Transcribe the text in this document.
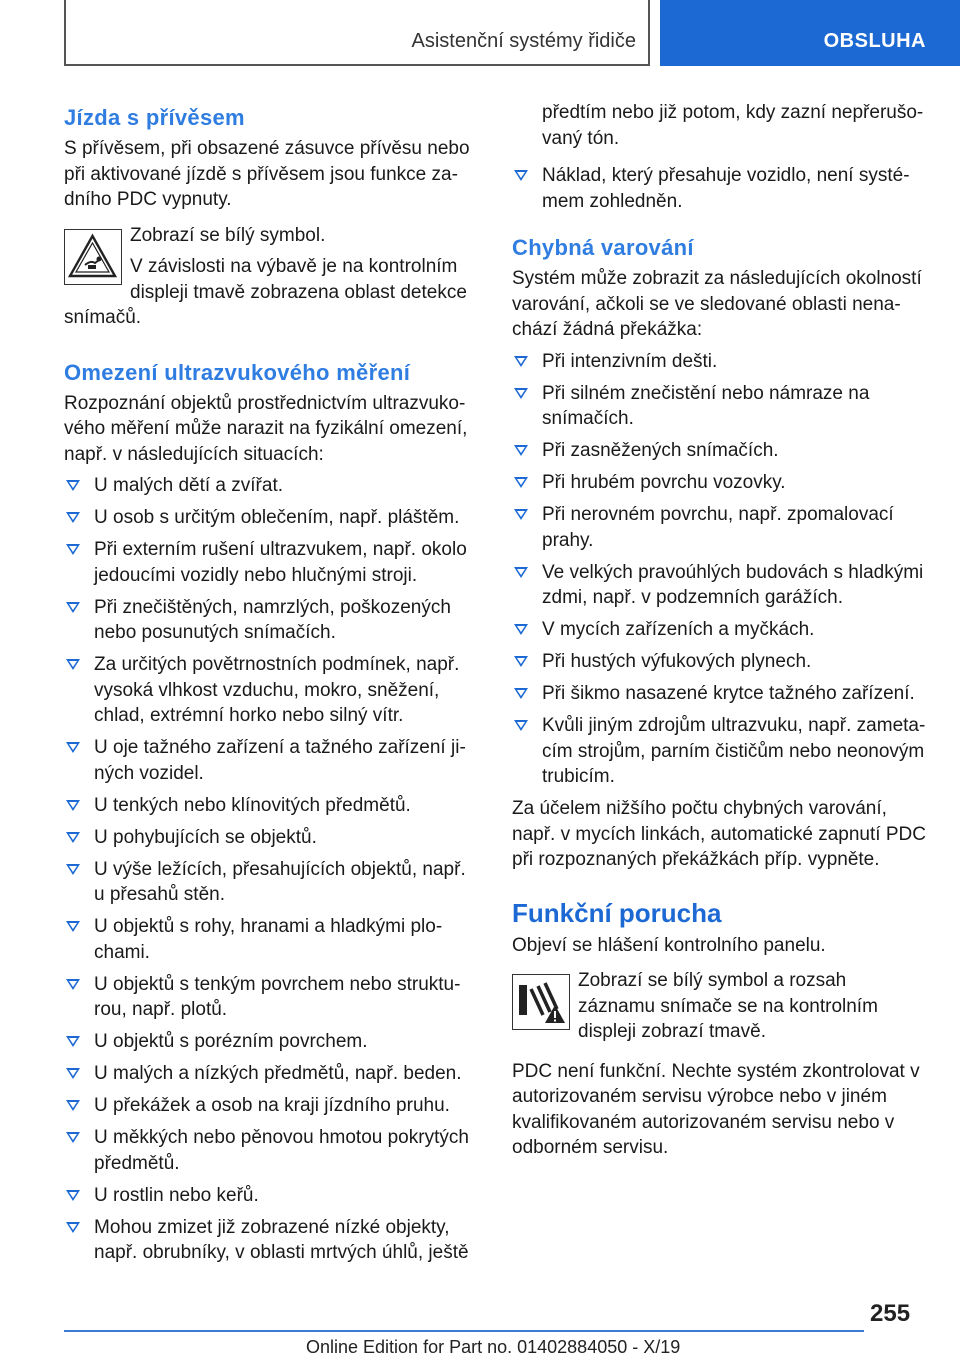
Asistenční systémy řidiče	OBSLUHA
Jízda s přívěsem

S přívěsem, při obsazené zásuvce přívěsu nebo při aktivované jízdě s přívěsem jsou funkce zadního PDC vypnuty.

Zobrazí se bílý symbol.

V závislosti na výbavě je na kontrolním displeji tmavě zobrazena oblast detekce

snímačů.

Omezení ultrazvukového měření

Rozpoznání objektů prostřednictvím ultrazvukového měření může narazit na fyzikální omezení, např. v následujících situacích:

U malých dětí a zvířat.
U osob s určitým oblečením, např. pláštěm.
Při externím rušení ultrazvukem, např. okolo jedoucími vozidly nebo hlučnými stroji.
Při znečištěných, namrzlých, poškozených nebo posunutých snímačích.
Za určitých povětrnostních podmínek, např. vysoká vlhkost vzduchu, mokro, sněžení, chlad, extrémní horko nebo silný vítr.
U oje tažného zařízení a tažného zařízení jiných vozidel.
U tenkých nebo klínovitých předmětů.
U pohybujících se objektů.
U výše ležících, přesahujících objektů, např. u přesahů stěn.
U objektů s rohy, hranami a hladkými plochami.
U objektů s tenkým povrchem nebo strukturou, např. plotů.
U objektů s porézním povrchem.
U malých a nízkých předmětů, např. beden.
U překážek a osob na kraji jízdního pruhu.
U měkkých nebo pěnovou hmotou pokrytých předmětů.
U rostlin nebo keřů.
Mohou zmizet již zobrazené nízké objekty, např. obrubníky, v oblasti mrtvých úhlů, ještě

předtím nebo již potom, kdy zazní nepřerušovaný tón.

Náklad, který přesahuje vozidlo, není systémem zohledněn.
Chybná varování

Systém může zobrazit za následujících okolností varování, ačkoli se ve sledované oblasti nenachází žádná překážka:

Při intenzivním dešti.
Při silném znečistění nebo námraze na snímačích.
Při zasněžených snímačích.
Při hrubém povrchu vozovky.
Při nerovném povrchu, např. zpomalovací prahy.
Ve velkých pravoúhlých budovách s hladkými zdmi, např. v podzemních garážích.
V mycích zařízeních a myčkách.
Při hustých výfukových plynech.
Při šikmo nasazené krytce tažného zařízení.
Kvůli jiným zdrojům ultrazvuku, např. zametacím strojům, parním čističům nebo neonovým trubicím.

Za účelem nižšího počtu chybných varování, např. v mycích linkách, automatické zapnutí PDC při rozpoznaných překážkách příp. vypněte.

Funkční porucha

Objeví se hlášení kontrolního panelu.

Zobrazí se bílý symbol a rozsah záznamu snímače se na kontrolním displeji zobrazí tmavě.

PDC není funkční. Nechte systém zkontrolovat v autorizovaném servisu výrobce nebo v jiném kvalifikovaném autorizovaném servisu nebo v odborném servisu.

255
Online Edition for Part no. 01402884050 - X/19
